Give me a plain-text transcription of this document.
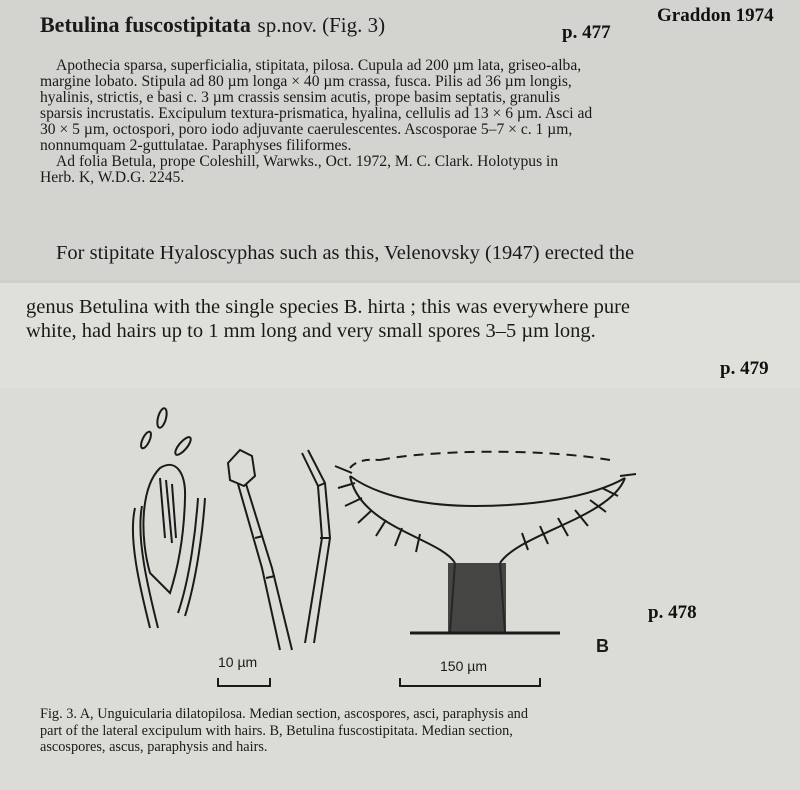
Graddon 1974
p. 477
p. 479
p. 478
Betulina fuscostipitata sp.nov. (Fig. 3)
Apothecia sparsa, superficialia, stipitata, pilosa. Cupula ad 200 µm lata, griseo-alba,
margine lobato. Stipula ad 80 µm longa × 40 µm crassa, fusca. Pilis ad 36 µm longis,
hyalinis, strictis, e basi c. 3 µm crassis sensim acutis, prope basim septatis, granulis
sparsis incrustatis. Excipulum textura-prismatica, hyalina, cellulis ad 13 × 6 µm. Asci ad
30 × 5 µm, octospori, poro iodo adjuvante caerulescentes. Ascosporae 5–7 × c. 1 µm,
nonnumquam 2-guttulatae. Paraphyses filiformes.
Ad folia Betula, prope Coleshill, Warwks., Oct. 1972, M. C. Clark. Holotypus in
Herb. K, W.D.G. 2245.
For stipitate Hyaloscyphas such as this, Velenovsky (1947) erected the
genus Betulina with the single species B. hirta ; this was everywhere pure
white, had hairs up to 1 mm long and very small spores 3–5 µm long.
10 µm	150 µm
B
Fig. 3. A, Unguicularia dilatopilosa. Median section, ascospores, asci, paraphysis and
part of the lateral excipulum with hairs. B, Betulina fuscostipitata. Median section,
ascospores, ascus, paraphysis and hairs.
